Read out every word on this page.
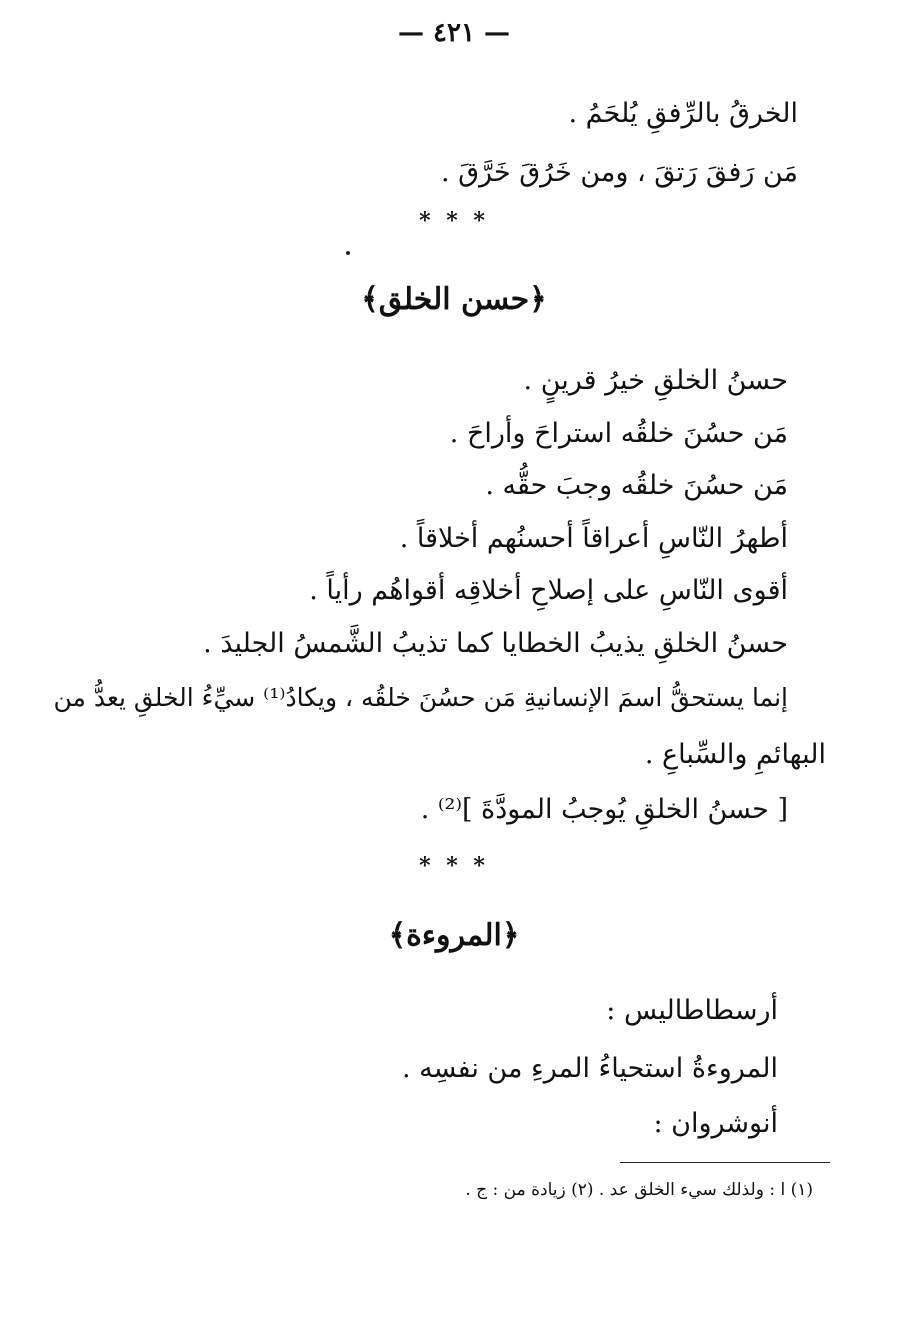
— ٤٢١ —
الخرقُ بالرِّفقِ يُلحَمُ .
مَن رَفقَ رَتقَ ، ومن خَرُقَ خَرَّقَ .
* * *
﴿حسن الخلق﴾
حسنُ الخلقِ خيرُ قرينٍ .
مَن حسُنَ خلقُه استراحَ وأراحَ .
مَن حسُنَ خلقُه وجبَ حقُّه .
أطهرُ النّاسِ أعراقاً أحسنُهم أخلاقاً .
أقوى النّاسِ على إصلاحِ أخلاقِه أقواهُم رأياً .
حسنُ الخلقِ يذيبُ الخطايا كما تذيبُ الشَّمسُ الجليدَ .
إنما يستحقُّ اسمَ الإنسانيةِ مَن حسُنَ خلقُه ، ويكادُ⁽¹⁾ سيِّءُ الخلقِ يعدُّ من
البهائمِ والسِّباعِ .
[ حسنُ الخلقِ يُوجبُ المودَّةَ ]⁽²⁾ .
* * *
﴿المروءة﴾
أرسطاطاليس :
المروءةُ استحياءُ المرءِ من نفسِه .
أنوشروان :
(١) ا : ولذلك سيء الخلق عد . (٢) زيادة من : ج .
